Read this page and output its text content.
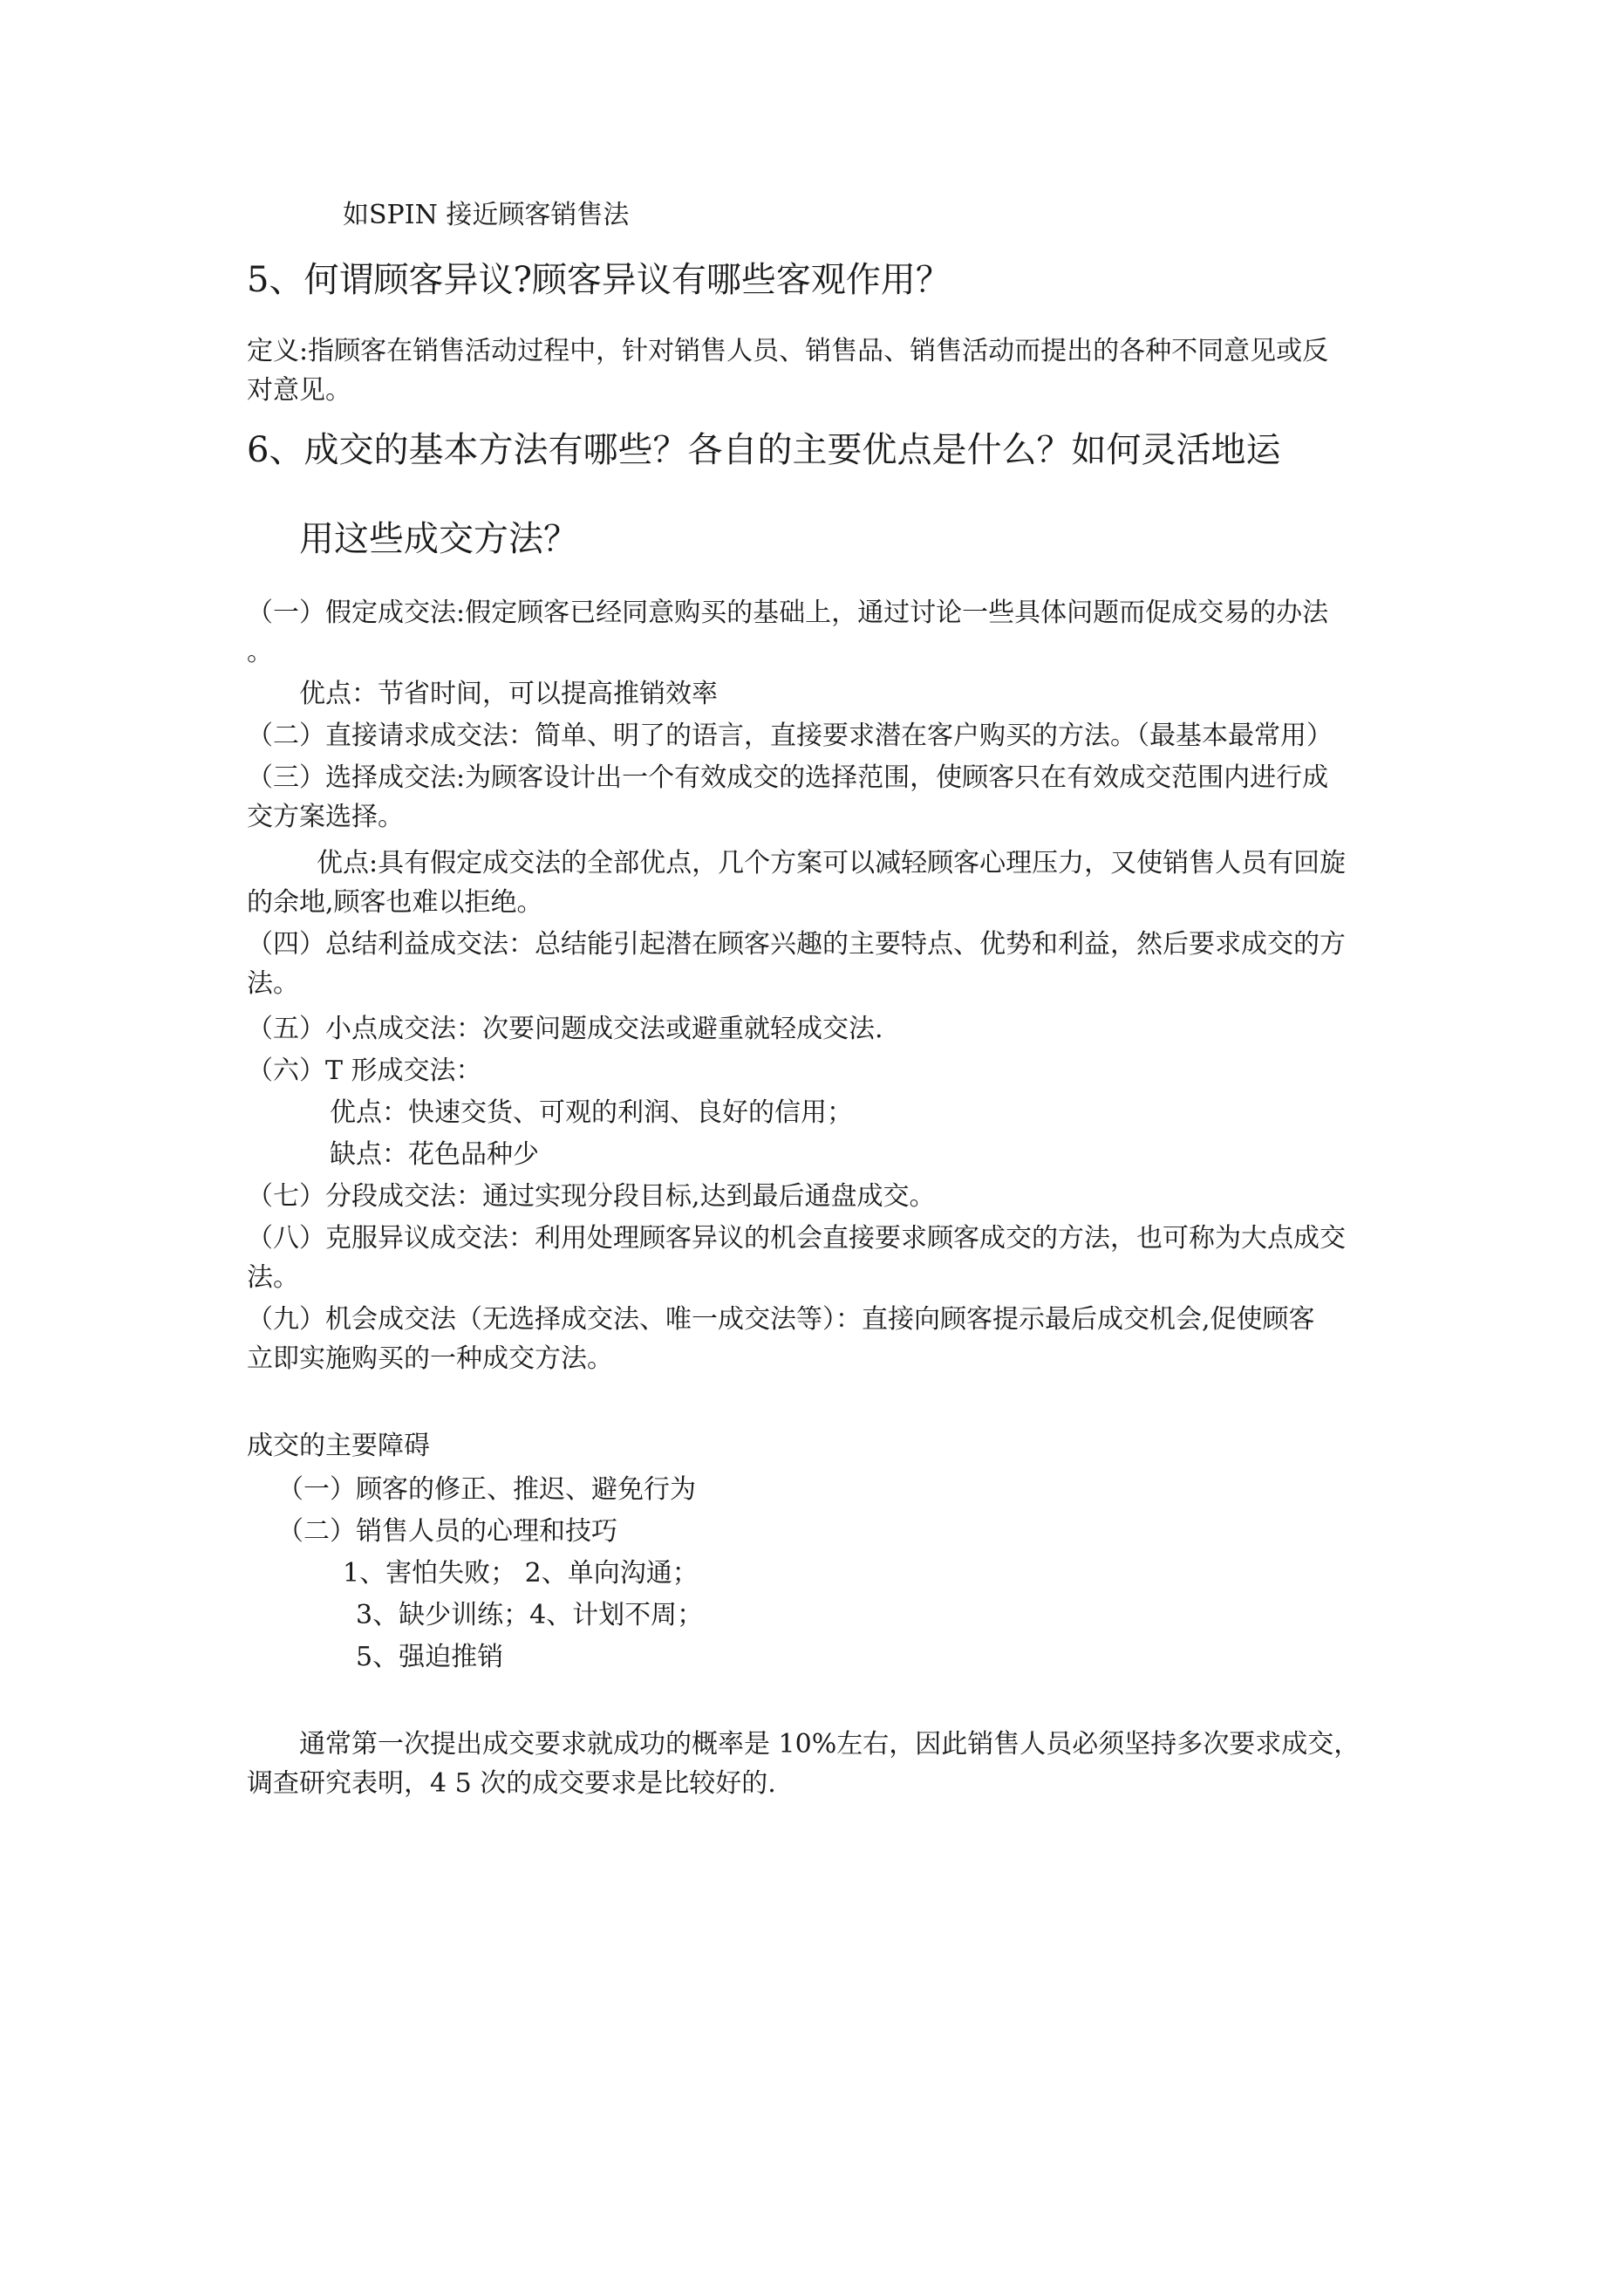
如SPIN 接近顾客销售法
5、何谓顾客异议?顾客异议有哪些客观作用？
定义:指顾客在销售活动过程中，针对销售人员、销售品、销售活动而提出的各种不同意见或反
对意见。
6、成交的基本方法有哪些？各自的主要优点是什么？如何灵活地运
用这些成交方法？
（一）假定成交法:假定顾客已经同意购买的基础上，通过讨论一些具体问题而促成交易的办法
。
优点：节省时间，可以提高推销效率
（二）直接请求成交法：简单、明了的语言，直接要求潜在客户购买的方法。（最基本最常用）
（三）选择成交法:为顾客设计出一个有效成交的选择范围，使顾客只在有效成交范围内进行成
交方案选择。
优点:具有假定成交法的全部优点，几个方案可以减轻顾客心理压力，又使销售人员有回旋
的余地,顾客也难以拒绝。
（四）总结利益成交法：总结能引起潜在顾客兴趣的主要特点、优势和利益，然后要求成交的方
法。
（五）小点成交法：次要问题成交法或避重就轻成交法.
（六）T 形成交法：
优点：快速交货、可观的利润、良好的信用；
缺点：花色品种少
（七）分段成交法：通过实现分段目标,达到最后通盘成交。
（八）克服异议成交法：利用处理顾客异议的机会直接要求顾客成交的方法，也可称为大点成交
法。
（九）机会成交法（无选择成交法、唯一成交法等）：直接向顾客提示最后成交机会,促使顾客
立即实施购买的一种成交方法。
成交的主要障碍
（一）顾客的修正、推迟、避免行为
（二）销售人员的心理和技巧
1、害怕失败； 2、单向沟通；
3、缺少训练；4、计划不周；
5、强迫推销
通常第一次提出成交要求就成功的概率是 10%左右，因此销售人员必须坚持多次要求成交，
调查研究表明，4 5 次的成交要求是比较好的.
